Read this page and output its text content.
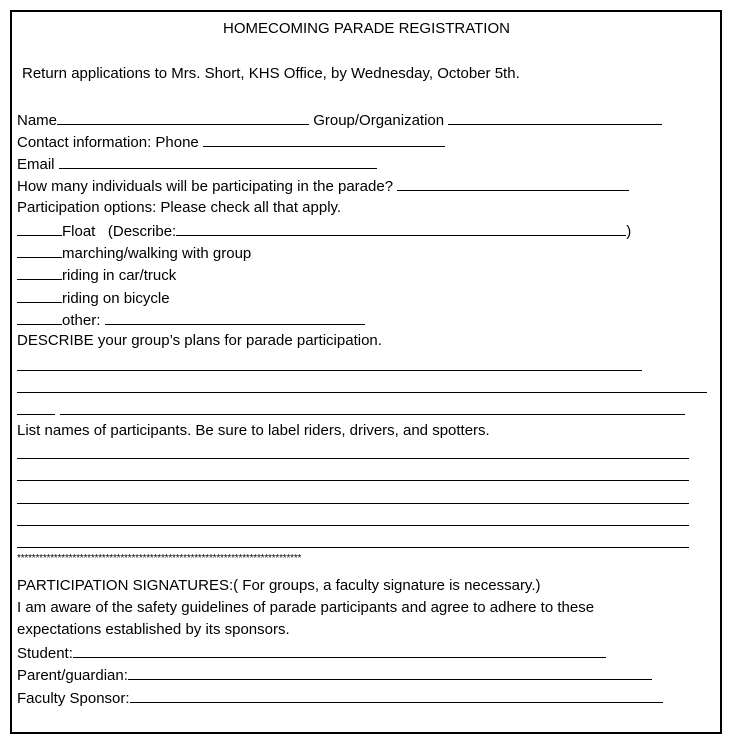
HOMECOMING PARADE REGISTRATION
Return applications to Mrs. Short, KHS Office, by Wednesday, October 5th.
Name	Group/Organization
Contact information: Phone
Email
How many individuals will be participating in the parade?
Participation options: Please check all that apply.
Float (Describe:	)
marching/walking with group
riding in car/truck
riding on bicycle
other:
DESCRIBE your group’s plans for parade participation.
List names of participants. Be sure to label riders, drivers, and spotters.
*****************************************************************************
PARTICIPATION SIGNATURES:( For groups, a faculty signature is necessary.)
I am aware of the safety guidelines of parade participants and agree to adhere to these
expectations established by its sponsors.
Student:
Parent/guardian:
Faculty Sponsor:
